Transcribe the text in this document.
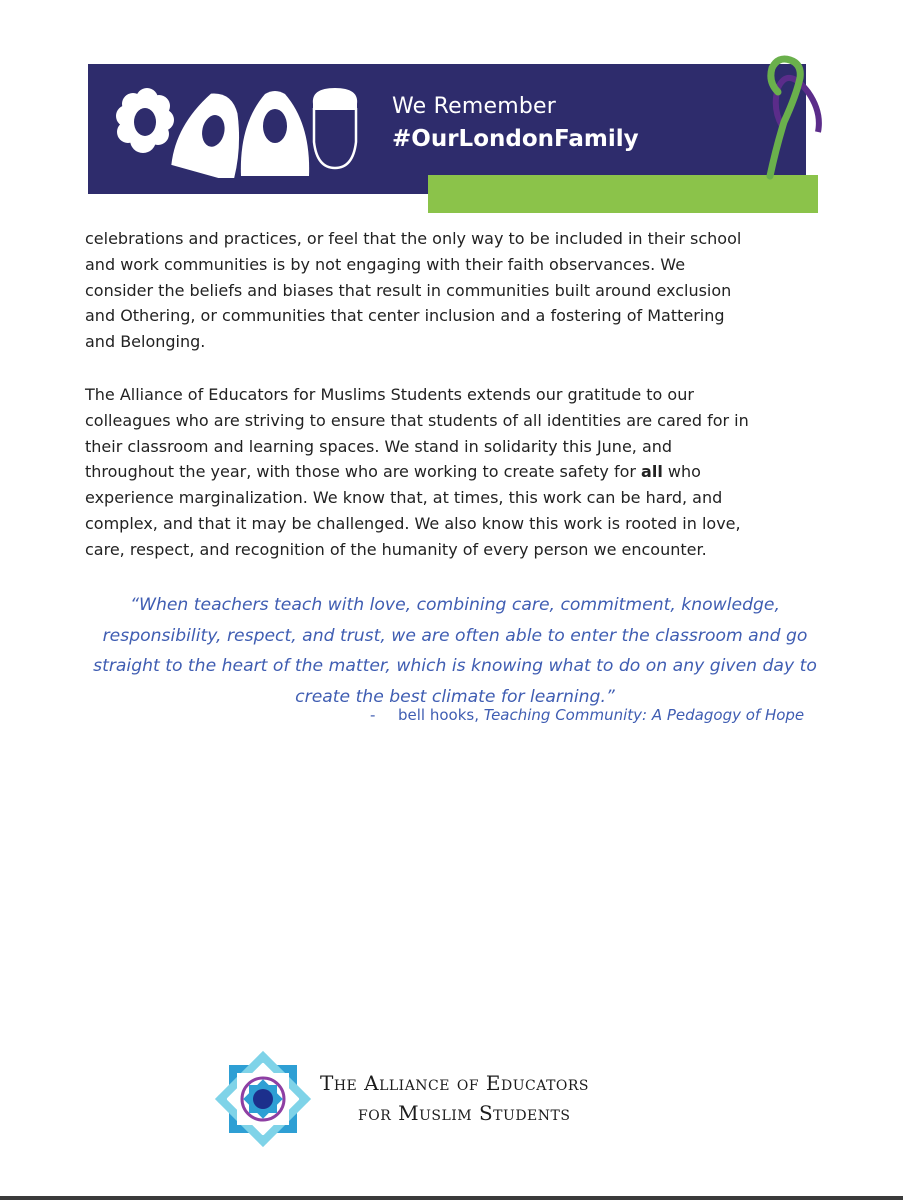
We Remember
#OurLondonFamily
celebrations and practices, or feel that the only way to be included in their school
and work communities is by not engaging with their faith observances. We
consider the beliefs and biases that result in communities built around exclusion
and Othering, or communities that center inclusion and a fostering of Mattering
and Belonging.
The Alliance of Educators for Muslims Students extends our gratitude to our
colleagues who are striving to ensure that students of all identities are cared for in
their classroom and learning spaces. We stand in solidarity this June, and
throughout the year, with those who are working to create safety for all who
experience marginalization. We know that, at times, this work can be hard, and
complex, and that it may be challenged. We also know this work is rooted in love,
care, respect, and recognition of the humanity of every person we encounter.
“When teachers teach with love, combining care, commitment, knowledge,
responsibility, respect, and trust, we are often able to enter the classroom and go
straight to the heart of the matter, which is knowing what to do on any given day to
create the best climate for learning.”
- bell hooks, Teaching Community: A Pedagogy of Hope
The Alliance of Educators
for Muslim Students
